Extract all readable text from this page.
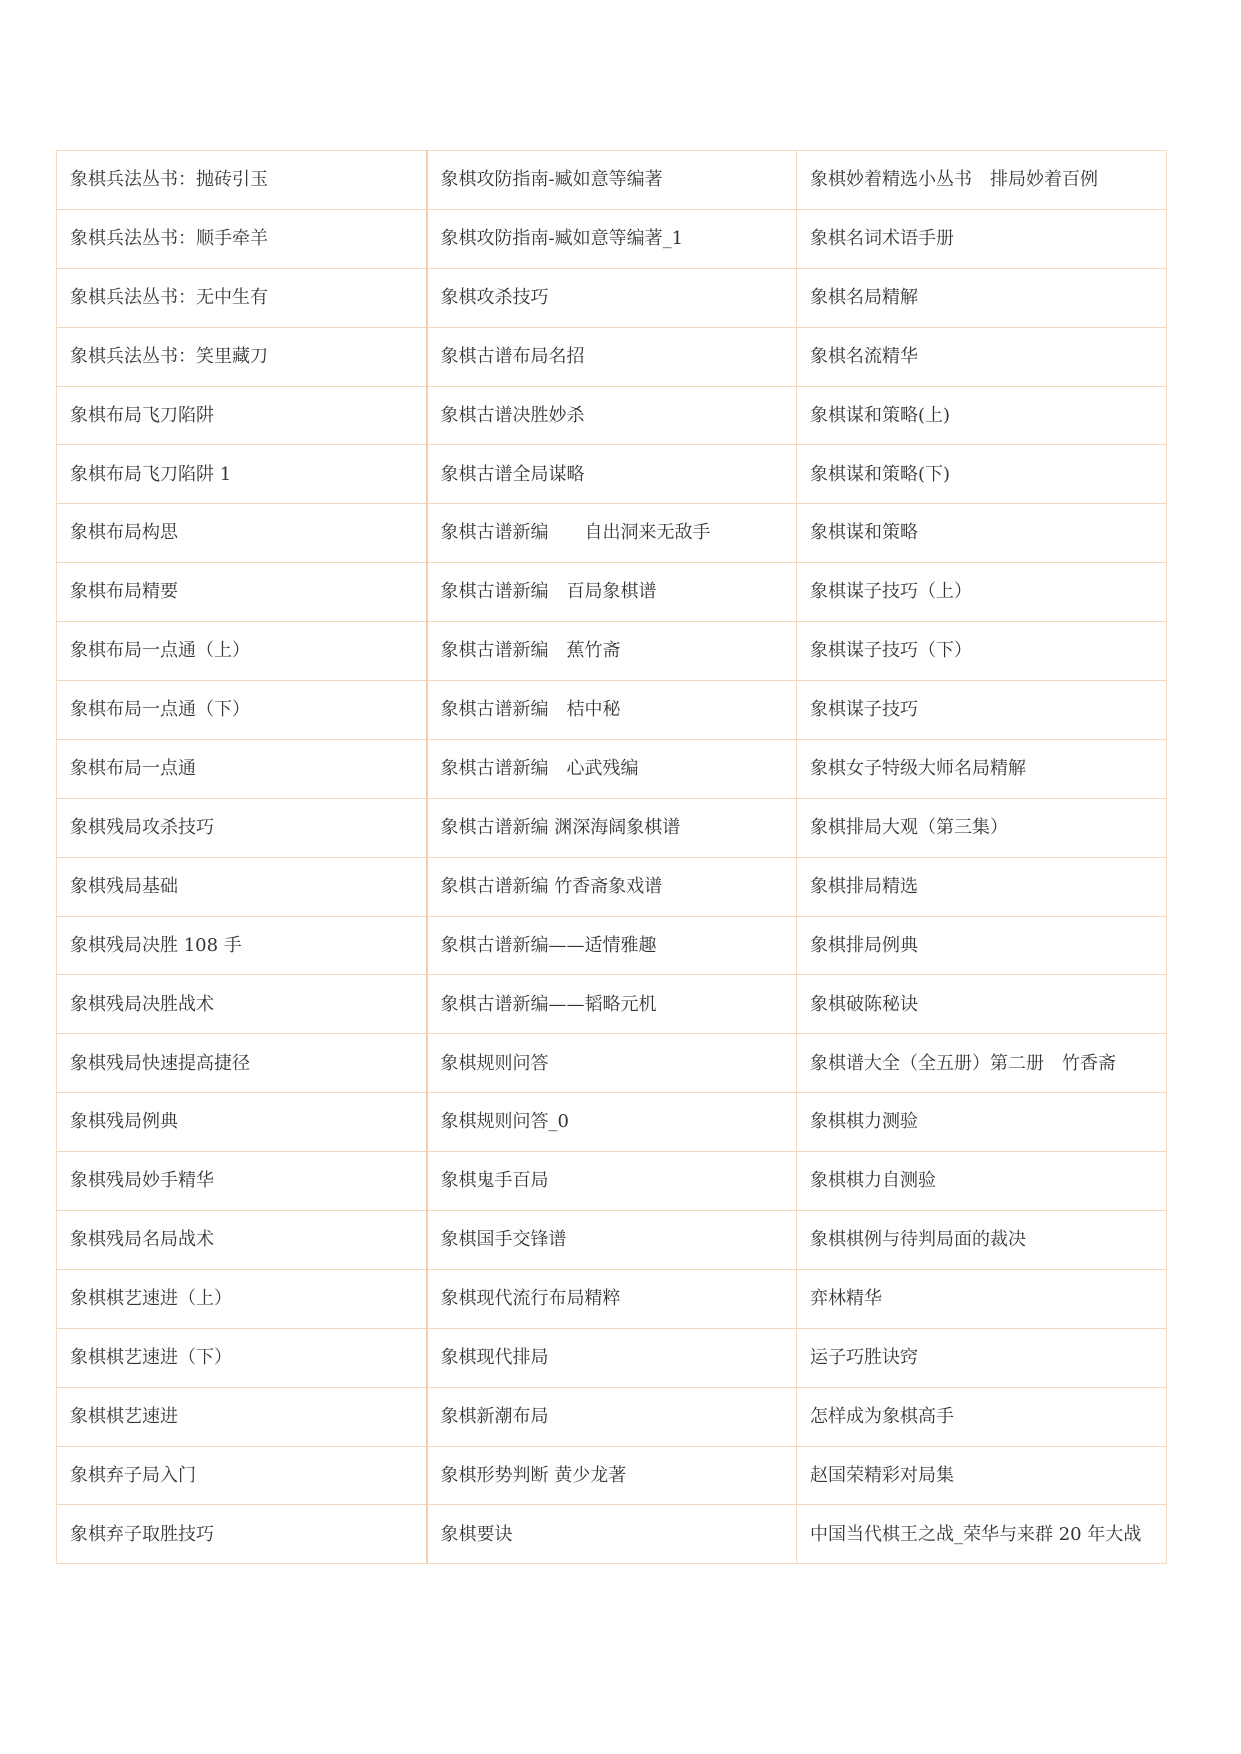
象棋兵法丛书：抛砖引玉	象棋攻防指南-臧如意等编著	象棋妙着精选小丛书　排局妙着百例
象棋兵法丛书：顺手牵羊	象棋攻防指南-臧如意等编著_1	象棋名词术语手册
象棋兵法丛书：无中生有	象棋攻杀技巧	象棋名局精解
象棋兵法丛书：笑里藏刀	象棋古谱布局名招	象棋名流精华
象棋布局飞刀陷阱	象棋古谱决胜妙杀	象棋谋和策略(上)
象棋布局飞刀陷阱 1	象棋古谱全局谋略	象棋谋和策略(下)
象棋布局构思	象棋古谱新编　　自出洞来无敌手	象棋谋和策略
象棋布局精要	象棋古谱新编　百局象棋谱	象棋谋子技巧（上）
象棋布局一点通（上）	象棋古谱新编　蕉竹斋	象棋谋子技巧（下）
象棋布局一点通（下）	象棋古谱新编　桔中秘	象棋谋子技巧
象棋布局一点通	象棋古谱新编　心武残编	象棋女子特级大师名局精解
象棋残局攻杀技巧	象棋古谱新编 渊深海阔象棋谱	象棋排局大观（第三集）
象棋残局基础	象棋古谱新编 竹香斋象戏谱	象棋排局精选
象棋残局决胜 108 手	象棋古谱新编——适情雅趣	象棋排局例典
象棋残局决胜战术	象棋古谱新编——韬略元机	象棋破陈秘诀
象棋残局快速提高捷径	象棋规则问答	象棋谱大全（全五册）第二册　竹香斋
象棋残局例典	象棋规则问答_0	象棋棋力测验
象棋残局妙手精华	象棋鬼手百局	象棋棋力自测验
象棋残局名局战术	象棋国手交锋谱	象棋棋例与待判局面的裁决
象棋棋艺速进（上）	象棋现代流行布局精粹	弈林精华
象棋棋艺速进（下）	象棋现代排局	运子巧胜诀窍
象棋棋艺速进	象棋新潮布局	怎样成为象棋高手
象棋弃子局入门	象棋形势判断 黄少龙著	赵国荣精彩对局集
象棋弃子取胜技巧	象棋要诀	中国当代棋王之战_荣华与来群 20 年大战
